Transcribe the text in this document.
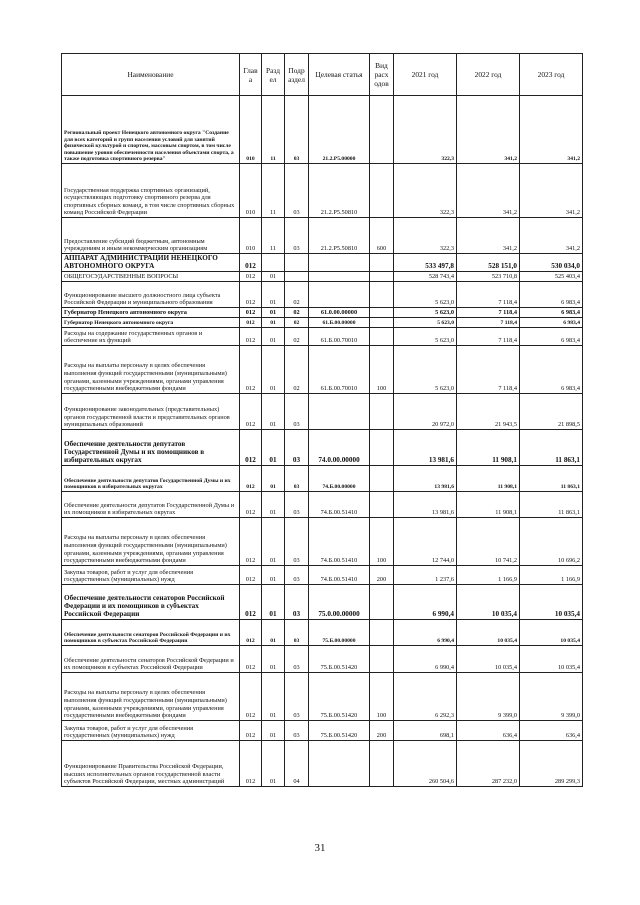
Наименование	Глав а	Разд ел	Подр аздел	Целевая статья	Вид расх одов	2021 год	2022 год	2023 год
Региональный проект Ненецкого автономного округа "Создание для всех категорий и групп населения условий для занятий физической культурой и спортом, массовым спортом, в том числе повышение уровня обеспеченности населения объектами спорта, а также подготовка спортивного резерва"	010	11	03	21.2.P5.00000		322,3	341,2	341,2
Государственная поддержка спортивных организаций, осуществляющих подготовку спортивного резерва для спортивных сборных команд, в том числе спортивных сборных команд Российской Федерации	010	11	03	21.2.P5.50810		322,3	341,2	341,2
Предоставление субсидий бюджетным, автономным учреждениям и иным некоммерческим организациям	010	11	03	21.2.P5.50810	600	322,3	341,2	341,2
АППАРАТ АДМИНИСТРАЦИИ НЕНЕЦКОГО АВТОНОМНОГО ОКРУГА	012					533 497,8	528 151,0	530 034,0
ОБЩЕГОСУДАРСТВЕННЫЕ ВОПРОСЫ	012	01				528 743,4	523 710,8	525 403,4
Функционирование высшего должностного лица субъекта Российской Федерации и муниципального образования	012	01	02			5 623,0	7 118,4	6 983,4
Губернатор Ненецкого автономного округа	012	01	02	61.0.00.00000		5 623,0	7 118,4	6 983,4
Губернатор Ненецкого автономного округа	012	01	02	61.Б.00.00000		5 623,0	7 118,4	6 983,4
Расходы на содержание государственных органов и обеспечение их функций	012	01	02	61.Б.00.70010		5 623,0	7 118,4	6 983,4
Расходы на выплаты персоналу в целях обеспечения выполнения функций государственными (муниципальными) органами, казенными учреждениями, органами управления государственными внебюджетными фондами	012	01	02	61.Б.00.70010	100	5 623,0	7 118,4	6 983,4
Функционирование законодательных (представительных) органов государственной власти и представительных органов муниципальных образований	012	01	03			20 972,0	21 943,5	21 898,5
Обеспечение деятельности депутатов Государственной Думы и их помощников в избирательных округах	012	01	03	74.0.00.00000		13 981,6	11 908,1	11 863,1
Обеспечение деятельности депутатов Государственной Думы и их помощников в избирательных округах	012	01	03	74.Б.00.00000		13 981,6	11 908,1	11 863,1
Обеспечение деятельности депутатов Государственной Думы и их помощников в избирательных округах	012	01	03	74.Б.00.51410		13 981,6	11 908,1	11 863,1
Расходы на выплаты персоналу в целях обеспечения выполнения функций государственными (муниципальными) органами, казенными учреждениями, органами управления государственными внебюджетными фондами	012	01	03	74.Б.00.51410	100	12 744,0	10 741,2	10 696,2
Закупка товаров, работ и услуг для обеспечения государственных (муниципальных) нужд	012	01	03	74.Б.00.51410	200	1 237,6	1 166,9	1 166,9
Обеспечение деятельности сенаторов Российской Федерации и их помощников в субъектах Российской Федерации	012	01	03	75.0.00.00000		6 990,4	10 035,4	10 035,4
Обеспечение деятельности сенаторов Российской Федерации и их помощников в субъектах Российской Федерации	012	01	03	75.Б.00.00000		6 990,4	10 035,4	10 035,4
Обеспечение деятельности сенаторов Российской Федерации и их помощников в субъектах Российской Федерации	012	01	03	75.Б.00.51420		6 990,4	10 035,4	10 035,4
Расходы на выплаты персоналу в целях обеспечения выполнения функций государственными (муниципальными) органами, казенными учреждениями, органами управления государственными внебюджетными фондами	012	01	03	75.Б.00.51420	100	6 292,3	9 399,0	9 399,0
Закупка товаров, работ и услуг для обеспечения государственных (муниципальных) нужд	012	01	03	75.Б.00.51420	200	698,1	636,4	636,4
Функционирование Правительства Российской Федерации, высших исполнительных органов государственной власти субъектов Российской Федерации, местных администраций	012	01	04			260 504,6	287 232,0	289 299,3
31
